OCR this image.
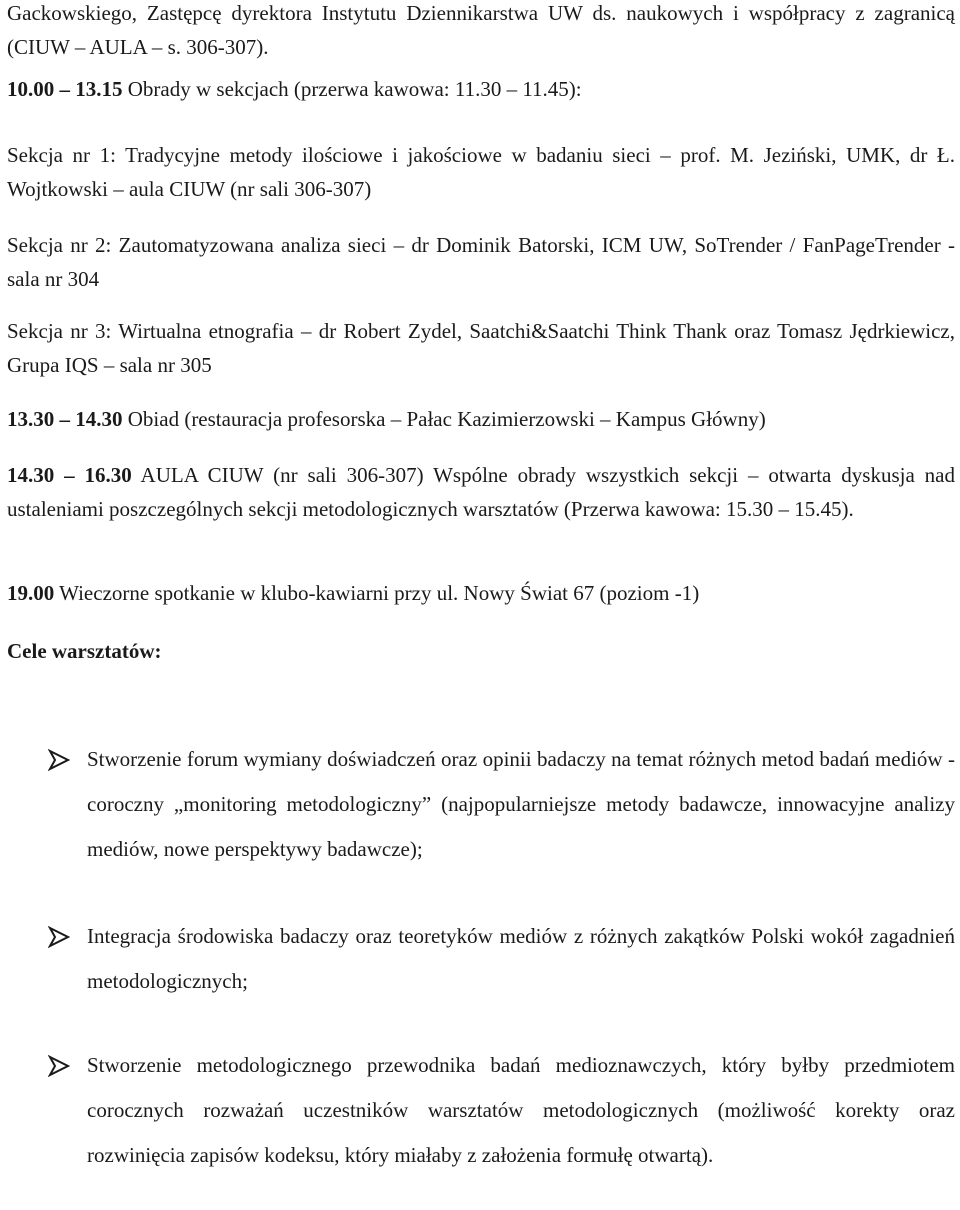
Gackowskiego, Zastępcę dyrektora Instytutu Dziennikarstwa UW ds. naukowych i współpracy z zagranicą (CIUW – AULA – s. 306-307).

10.00 – 13.15 Obrady w sekcjach (przerwa kawowa: 11.30 – 11.45):

Sekcja nr 1: Tradycyjne metody ilościowe i jakościowe w badaniu sieci – prof. M. Jeziński, UMK, dr Ł. Wojtkowski – aula CIUW (nr sali 306-307)

Sekcja nr 2: Zautomatyzowana analiza sieci – dr Dominik Batorski, ICM UW, SoTrender / FanPageTrender - sala nr 304

Sekcja nr 3: Wirtualna etnografia – dr Robert Zydel, Saatchi&Saatchi Think Thank oraz Tomasz Jędrkiewicz, Grupa IQS – sala nr 305

13.30 – 14.30 Obiad (restauracja profesorska – Pałac Kazimierzowski – Kampus Główny)

14.30 – 16.30 AULA CIUW (nr sali 306-307) Wspólne obrady wszystkich sekcji – otwarta dyskusja nad ustaleniami poszczególnych sekcji metodologicznych warsztatów (Przerwa kawowa: 15.30 – 15.45).

19.00 Wieczorne spotkanie w klubo-kawiarni przy ul. Nowy Świat 67 (poziom -1)

Cele warsztatów:

Stworzenie forum wymiany doświadczeń oraz opinii badaczy na temat różnych metod badań mediów - coroczny „monitoring metodologiczny” (najpopularniejsze metody badawcze, innowacyjne analizy mediów, nowe perspektywy badawcze);

Integracja środowiska badaczy oraz teoretyków mediów z różnych zakątków Polski wokół zagadnień metodologicznych;

Stworzenie metodologicznego przewodnika badań medioznawczych, który byłby przedmiotem corocznych rozważań uczestników warsztatów metodologicznych (możliwość korekty oraz rozwinięcia zapisów kodeksu, który miałaby z założenia formułę otwartą).
